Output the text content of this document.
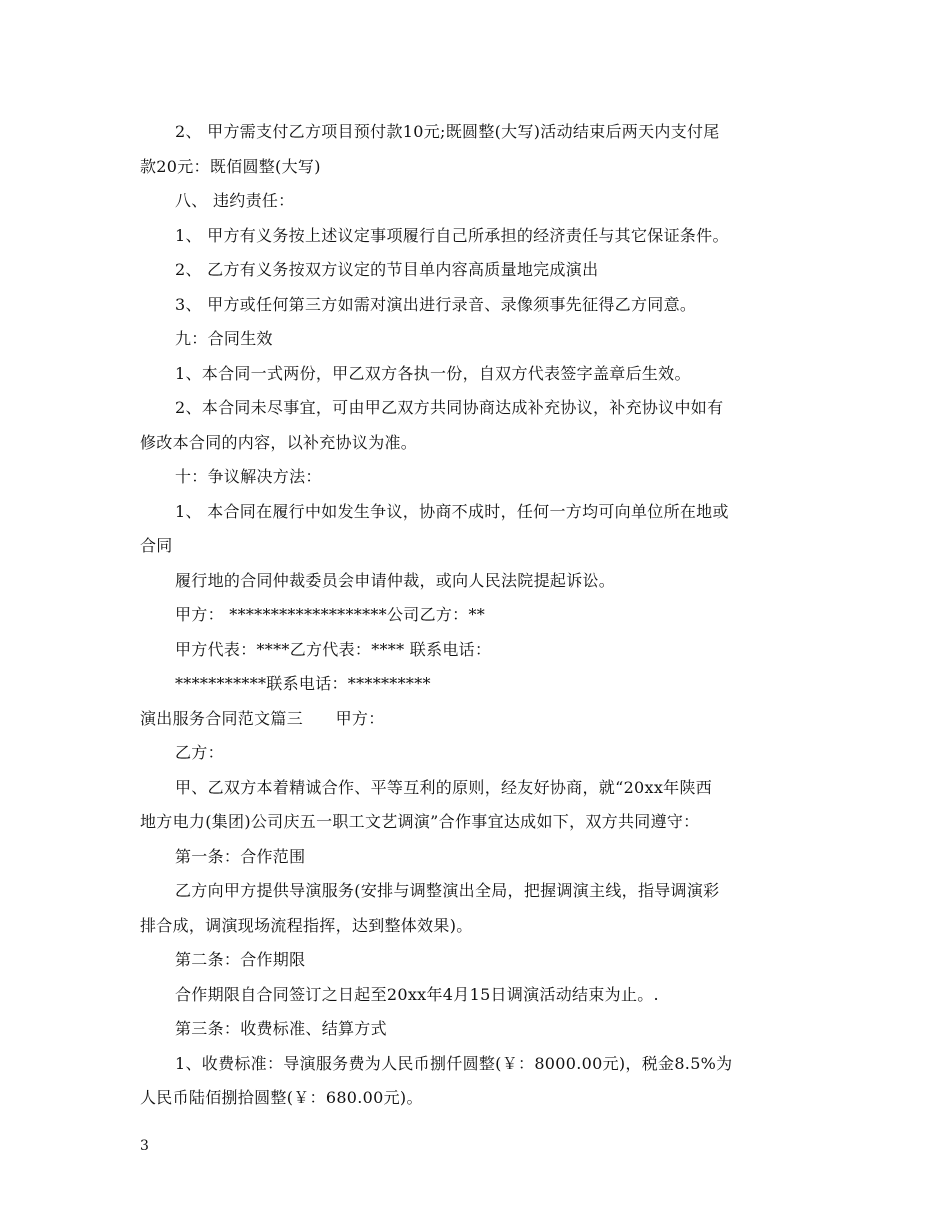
2、 甲方需支付乙方项目预付款10元;既圆整(大写)活动结束后两天内支付尾
款20元：既佰圆整(大写)
八、 违约责任：
1、 甲方有义务按上述议定事项履行自己所承担的经济责任与其它保证条件。
2、 乙方有义务按双方议定的节目单内容高质量地完成演出
3、 甲方或任何第三方如需对演出进行录音、录像须事先征得乙方同意。
九：合同生效
1、本合同一式两份，甲乙双方各执一份，自双方代表签字盖章后生效。
2、本合同未尽事宜，可由甲乙双方共同协商达成补充协议，补充协议中如有
修改本合同的内容，以补充协议为准。
十：争议解决方法：
1、 本合同在履行中如发生争议，协商不成时，任何一方均可向单位所在地或
合同
履行地的合同仲裁委员会申请仲裁，或向人民法院提起诉讼。
甲方： *******************公司乙方：**
甲方代表：****乙方代表：**** 联系电话：
***********联系电话：**********
演出服务合同范文篇三　　甲方：
乙方：
甲、乙双方本着精诚合作、平等互利的原则，经友好协商，就“20xx年陕西
地方电力(集团)公司庆五一职工文艺调演”合作事宜达成如下，双方共同遵守：
第一条：合作范围
乙方向甲方提供导演服务(安排与调整演出全局，把握调演主线，指导调演彩
排合成，调演现场流程指挥，达到整体效果)。
第二条：合作期限
合作期限自合同签订之日起至20xx年4月15日调演活动结束为止。.
第三条：收费标准、结算方式
1、收费标准：导演服务费为人民币捌仟圆整(￥：8000.00元)，税金8.5%为
人民币陆佰捌拾圆整(￥：680.00元)。
3
